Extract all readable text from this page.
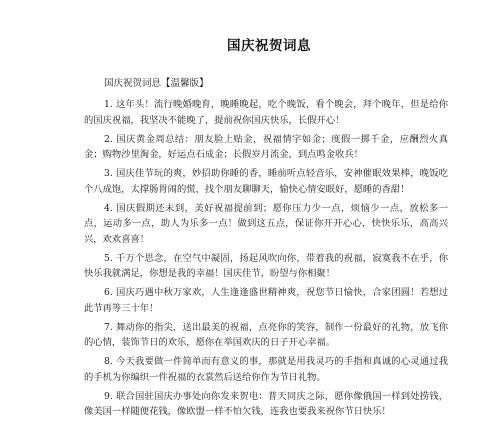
国庆祝贺词息
国庆祝贺词息【温馨版】

1. 这年头！流行晚婚晚育，晚睡晚起，吃个晚饭，看个晚会，拜个晚年，但是给你的国庆祝福，我坚决不能晚了，提前祝你国庆快乐，长假开心！

2. 国庆黄金周总结：朋友脸上贴金，祝福情字如金；度假一掷千金，应酬烈火真金；购物沙里淘金，好运点石成金；长假岁月流金，到点鸣金收兵！

3. 国庆佳节玩的爽，妙招助你睡的香，睡前听点轻音乐，安神催眠效果棒，晚饭吃个八成饱，太撑肠胃闹的慌，找个朋友聊聊天，愉快心情安眠好，愿睡的香甜！

4. 国庆假期还未到，美好祝福提前到；愿你压力少一点，烦恼少一点，放松多一点，运动多一点，助人为乐多一点！做到这五点，保证你开开心心，快快乐乐，高高兴兴，欢欢喜喜！

5. 千万个思念，在空气中凝固，扬起风吹向你，带着我的祝福，寂寞我不在乎，你快乐我就满足，你想是我的幸福！国庆佳节，盼望与你相聚！

6. 国庆巧遇中秋万家欢，人生逢逢盛世精神爽，祝您节日愉快，合家团圆！若想过此节再等三十年！

7. 舞动你的指尖，送出最美的祝福，点亮你的笑容，制作一份最好的礼物，放飞你的心情，装饰节日的欢乐，愿你在举国欢庆的日子开心幸福。

8. 今天我要做一件简单而有意义的事，那就是用我灵巧的手指和真诚的心灵通过我的手机为你编织一件祝福的衣裳然后送给你作为节日礼物。

9. 联合国驻国庆办事处向你发来贺电：普天同庆之际，愿你像俄国一样到处捞钱，像美国一样随便花钱，像欧盟一样不怕欠钱，连我也要我来祝你节日快乐！
